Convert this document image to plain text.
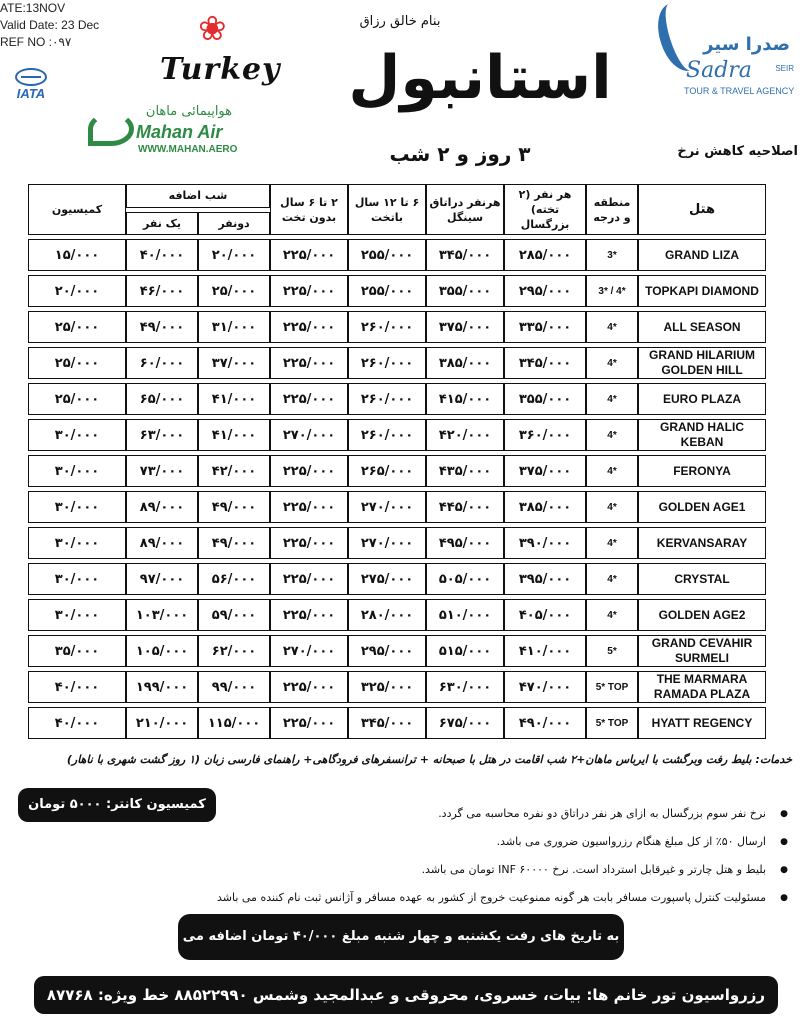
ATE:13NOV
Valid Date: 23 Dec
REF NO :۰۹۷
IATA
❀
Turkey
هواپیمائی ماهان
Mahan Air
WWW.MAHAN.AERO
صدرا سیر
Sadra	SEIR
TOUR & TRAVEL AGENCY
بنام خالق رزاق
استانبول
۳ روز و ۲ شب	اصلاحیه کاهش نرخ
هتل	منطقه و درجه	هر نفر (۲ تخته) بزرگسال	هرنفر دراتاق سینگل	۶ تا ۱۲ سال باتخت	۲ تا ۶ سال بدون تخت	شب اضافه		کمیسیون
						دونفر	یک نفر	
GRAND LIZA	3*	۲۸۵/۰۰۰	۳۴۵/۰۰۰	۲۵۵/۰۰۰	۲۲۵/۰۰۰	۲۰/۰۰۰	۴۰/۰۰۰	۱۵/۰۰۰
TOPKAPI DIAMOND	3* / 4*	۲۹۵/۰۰۰	۳۵۵/۰۰۰	۲۵۵/۰۰۰	۲۲۵/۰۰۰	۲۵/۰۰۰	۴۶/۰۰۰	۲۰/۰۰۰
ALL SEASON	4*	۳۳۵/۰۰۰	۳۷۵/۰۰۰	۲۶۰/۰۰۰	۲۲۵/۰۰۰	۳۱/۰۰۰	۴۹/۰۰۰	۲۵/۰۰۰
GRAND HILARIUM GOLDEN HILL	4*	۳۴۵/۰۰۰	۳۸۵/۰۰۰	۲۶۰/۰۰۰	۲۲۵/۰۰۰	۳۷/۰۰۰	۶۰/۰۰۰	۲۵/۰۰۰
EURO PLAZA	4*	۳۵۵/۰۰۰	۴۱۵/۰۰۰	۲۶۰/۰۰۰	۲۲۵/۰۰۰	۴۱/۰۰۰	۶۵/۰۰۰	۲۵/۰۰۰
GRAND HALIC KEBAN	4*	۳۶۰/۰۰۰	۴۲۰/۰۰۰	۲۶۰/۰۰۰	۲۷۰/۰۰۰	۴۱/۰۰۰	۶۳/۰۰۰	۳۰/۰۰۰
FERONYA	4*	۳۷۵/۰۰۰	۴۳۵/۰۰۰	۲۶۵/۰۰۰	۲۲۵/۰۰۰	۴۲/۰۰۰	۷۳/۰۰۰	۳۰/۰۰۰
GOLDEN AGE1	4*	۳۸۵/۰۰۰	۴۴۵/۰۰۰	۲۷۰/۰۰۰	۲۲۵/۰۰۰	۴۹/۰۰۰	۸۹/۰۰۰	۳۰/۰۰۰
KERVANSARAY	4*	۳۹۰/۰۰۰	۴۹۵/۰۰۰	۲۷۰/۰۰۰	۲۲۵/۰۰۰	۴۹/۰۰۰	۸۹/۰۰۰	۳۰/۰۰۰
CRYSTAL	4*	۳۹۵/۰۰۰	۵۰۵/۰۰۰	۲۷۵/۰۰۰	۲۲۵/۰۰۰	۵۶/۰۰۰	۹۷/۰۰۰	۳۰/۰۰۰
GOLDEN AGE2	4*	۴۰۵/۰۰۰	۵۱۰/۰۰۰	۲۸۰/۰۰۰	۲۲۵/۰۰۰	۵۹/۰۰۰	۱۰۳/۰۰۰	۳۰/۰۰۰
GRAND CEVAHIR SURMELI	5*	۴۱۰/۰۰۰	۵۱۵/۰۰۰	۲۹۵/۰۰۰	۲۷۰/۰۰۰	۶۲/۰۰۰	۱۰۵/۰۰۰	۳۵/۰۰۰
THE MARMARA RAMADA PLAZA	5* TOP	۴۷۰/۰۰۰	۶۳۰/۰۰۰	۳۲۵/۰۰۰	۲۲۵/۰۰۰	۹۹/۰۰۰	۱۹۹/۰۰۰	۴۰/۰۰۰
HYATT REGENCY	5* TOP	۴۹۰/۰۰۰	۶۷۵/۰۰۰	۳۴۵/۰۰۰	۲۲۵/۰۰۰	۱۱۵/۰۰۰	۲۱۰/۰۰۰	۴۰/۰۰۰
خدمات: بلیط رفت وبرگشت با ایرباس ماهان+۲ شب اقامت در هتل با صبحانه + ترانسفرهای فرودگاهی+ راهنمای فارسی زبان (۱ روز گشت شهری با ناهار)
کمیسیون کانتر: ۵۰۰۰ تومان
● نرخ نفر سوم بزرگسال به ازای هر نفر دراتاق دو نفره محاسبه می گردد.
● ارسال ۵۰٪ از کل مبلغ هنگام رزرواسیون ضروری می باشد.
● بلیط و هتل چارتر و غیرقابل استرداد است. نرخ INF ۶۰۰۰۰ تومان می باشد.
● مسئولیت کنترل پاسپورت مسافر بابت هر گونه ممنوعیت خروج از کشور به عهده مسافر و آژانس ثبت نام کننده می باشد
به تاریخ های رفت یکشنبه و چهار شنبه مبلغ ۴۰/۰۰۰ تومان اضافه می
رزرواسیون تور خانم ها: بیات، خسروی، محروقی و عبدالمجید وشمس ۸۸۵۲۲۹۹۰ خط ویژه: ۸۷۷۶۸
